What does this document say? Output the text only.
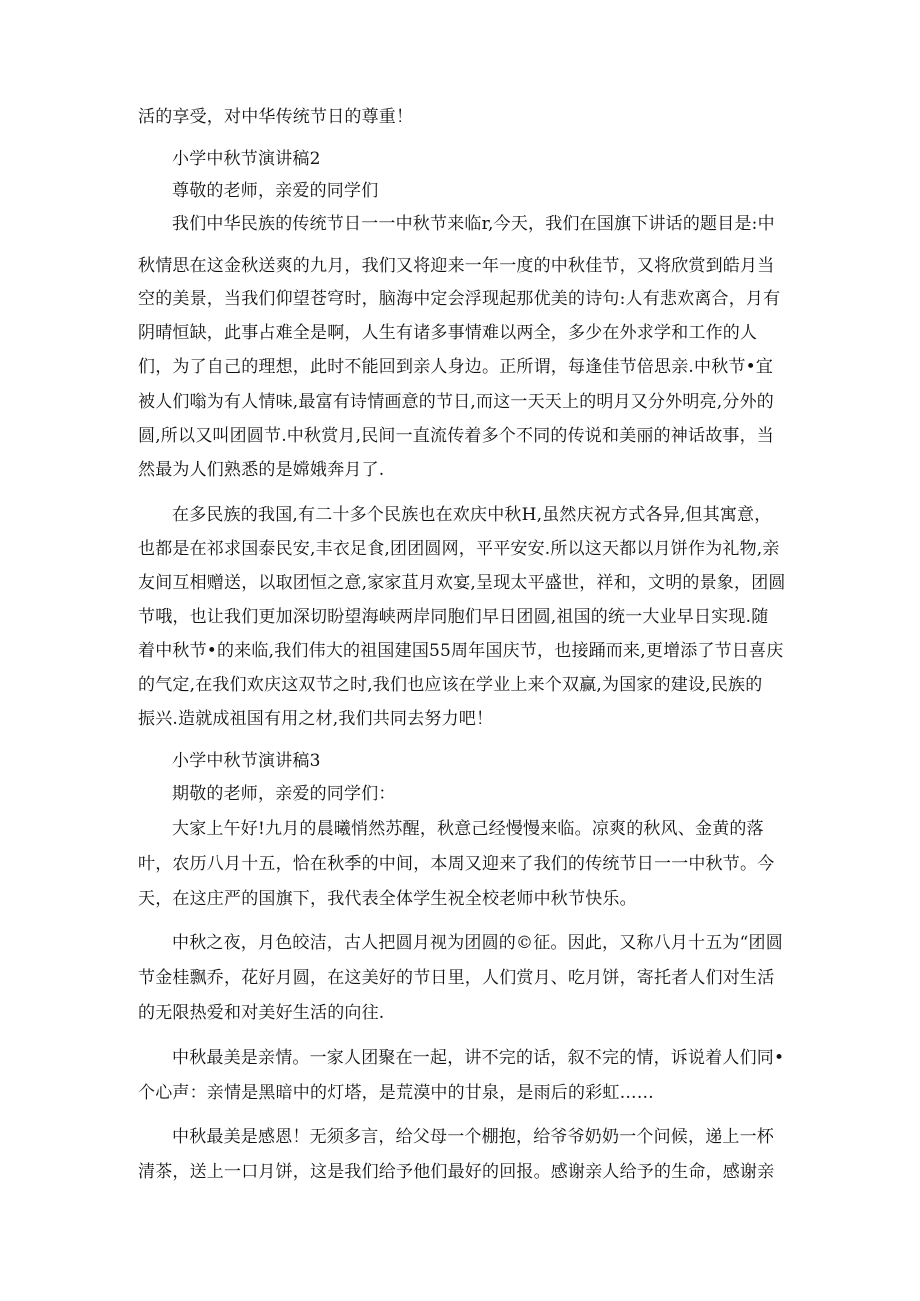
活的享受，对中华传统节日的尊重！
小学中秋节演讲稿2
尊敬的老师，亲爱的同学们
我们中华民族的传统节日一一中秋节来临r,今天，我们在国旗下讲话的题目是:中
秋情思在这金秋送爽的九月，我们又将迎来一年一度的中秋佳节，又将欣赏到皓月当
空的美景，当我们仰望苍穹时，脑海中定会浮现起那优美的诗句:人有悲欢离合，月有
阴晴恒缺，此事占难全是啊，人生有诸多事情难以两全，多少在外求学和工作的人
们，为了自己的理想，此时不能回到亲人身边。正所谓，每逢佳节倍思亲.中秋节•宜
被人们嗡为有人情味,最富有诗情画意的节日,而这一天天上的明月又分外明亮,分外的
圆,所以又叫团圆节.中秋赏月,民间一直流传着多个不同的传说和美丽的神话故事，当
然最为人们熟悉的是嫦娥奔月了.
在多民族的我国,有二十多个民族也在欢庆中秋H,虽然庆祝方式各异,但其寓意，
也都是在祁求国泰民安,丰衣足食,团团圆网，平平安安.所以这天都以月饼作为礼物,亲
友间互相赠送，以取团恒之意,家家苴月欢宴,呈现太平盛世，祥和，文明的景象，团圆
节哦，也让我们更加深切盼望海峡两岸同胞们早日团圆,祖国的统一大业早日实现.随
着中秋节•的来临,我们伟大的祖国建国55周年国庆节，也接踊而来,更增添了节日喜庆
的气定,在我们欢庆这双节之时,我们也应该在学业上来个双赢,为国家的建设,民族的
振兴.造就成祖国有用之材,我们共同去努力吧！
小学中秋节演讲稿3
期敬的老师，亲爱的同学们：
大家上午好!九月的晨曦悄然苏醒，秋意己经慢慢来临。凉爽的秋风、金黄的落
叶，农历八月十五，恰在秋季的中间，本周又迎来了我们的传统节日一一中秋节。今
天，在这庄严的国旗下，我代表全体学生祝全校老师中秋节快乐。
中秋之夜，月色皎洁，古人把圆月视为团圆的©征。因此，又称八月十五为“团圆
节金桂飘乔，花好月圆，在这美好的节日里，人们赏月、吃月饼，寄托者人们对生活
的无限热爱和对美好生活的向往.
中秋最美是亲情。一家人团聚在一起，讲不完的话，叙不完的情，诉说着人们同•
个心声：亲情是黑暗中的灯塔，是荒漠中的甘泉，是雨后的彩虹……
中秋最美是感恩！无须多言，给父母一个棚抱，给爷爷奶奶一个问候，递上一杯
清茶，送上一口月饼，这是我们给予他们最好的回报。感谢亲人给予的生命，感谢亲
